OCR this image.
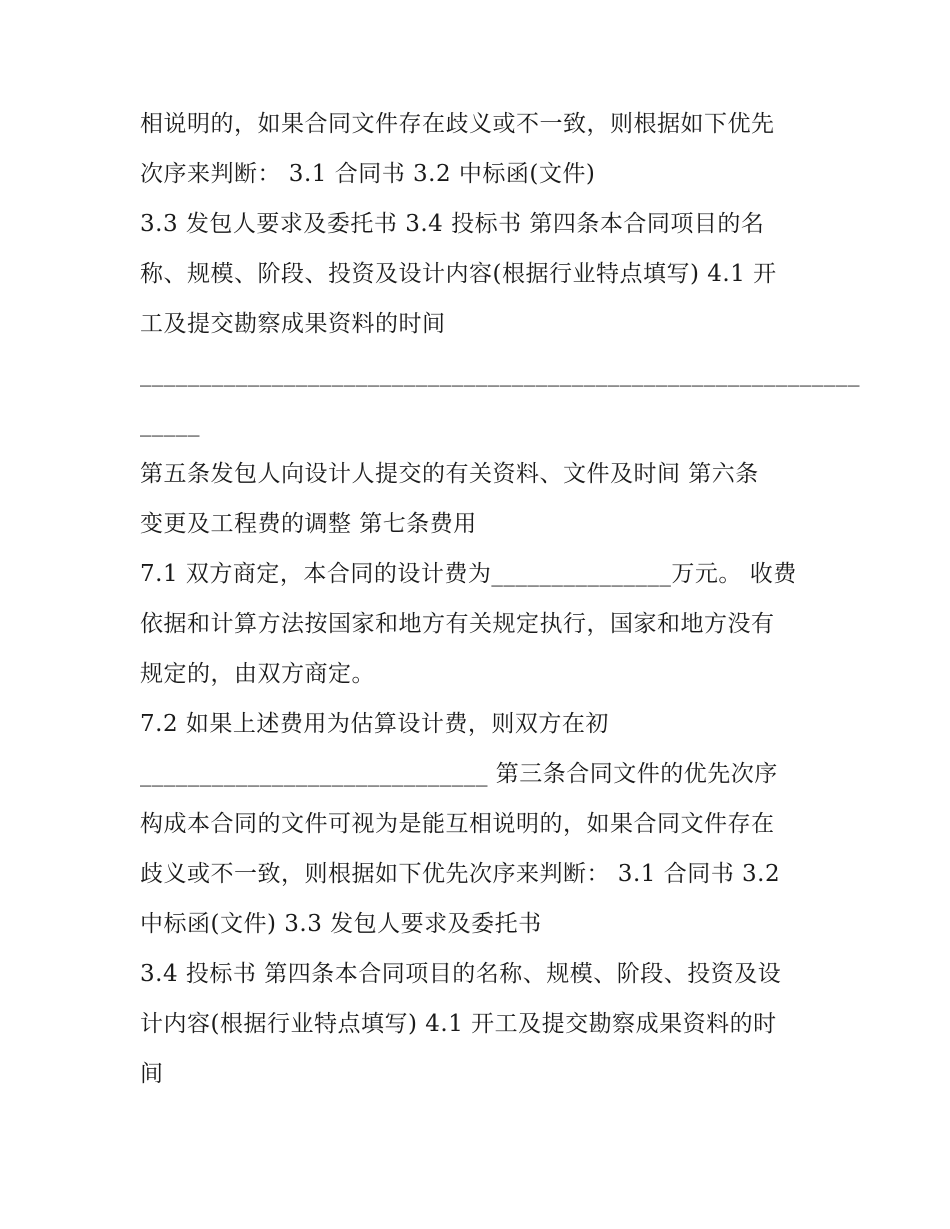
相说明的，如果合同文件存在歧义或不一致，则根据如下优先
次序来判断： 3.1 合同书 3.2 中标函(文件)
3.3 发包人要求及委托书 3.4 投标书 第四条本合同项目的名
称、规模、阶段、投资及设计内容(根据行业特点填写) 4.1 开
工及提交勘察成果资料的时间
____________________________________________________________
_____
第五条发包人向设计人提交的有关资料、文件及时间 第六条
变更及工程费的调整 第七条费用
7.1 双方商定，本合同的设计费为_______________万元。 收费
依据和计算方法按国家和地方有关规定执行，国家和地方没有
规定的，由双方商定。
7.2 如果上述费用为估算设计费，则双方在初
_____________________________ 第三条合同文件的优先次序
构成本合同的文件可视为是能互相说明的，如果合同文件存在
歧义或不一致，则根据如下优先次序来判断： 3.1 合同书 3.2
中标函(文件) 3.3 发包人要求及委托书
3.4 投标书 第四条本合同项目的名称、规模、阶段、投资及设
计内容(根据行业特点填写) 4.1 开工及提交勘察成果资料的时
间
